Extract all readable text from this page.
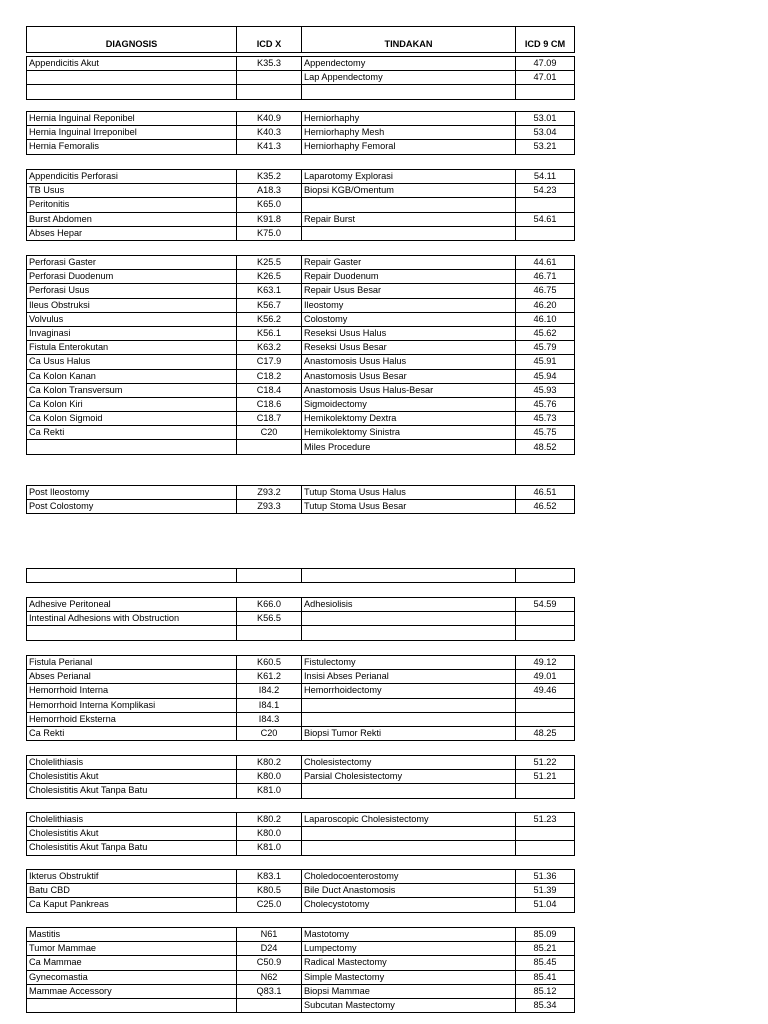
DIAGNOSIS	ICD X	TINDAKAN	ICD 9 CM
Appendicitis Akut	K35.3	Appendectomy	47.09
		Lap Appendectomy	47.01

Hernia Inguinal Reponibel	K40.9	Herniorhaphy	53.01
Hernia Inguinal Irreponibel	K40.3	Herniorhaphy Mesh	53.04
Hernia Femoralis	K41.3	Herniorhaphy Femoral	53.21
Appendicitis Perforasi	K35.2	Laparotomy Explorasi	54.11
TB Usus	A18.3	Biopsi KGB/Omentum	54.23
Peritonitis	K65.0		
Burst Abdomen	K91.8	Repair Burst	54.61
Abses Hepar	K75.0		
Perforasi Gaster	K25.5	Repair Gaster	44.61
Perforasi Duodenum	K26.5	Repair Duodenum	46.71
Perforasi Usus	K63.1	Repair Usus Besar	46.75
Ileus Obstruksi	K56.7	Ileostomy	46.20
Volvulus	K56.2	Colostomy	46.10
Invaginasi	K56.1	Reseksi Usus Halus	45.62
Fistula Enterokutan	K63.2	Reseksi Usus Besar	45.79
Ca Usus Halus	C17.9	Anastomosis Usus Halus	45.91
Ca Kolon Kanan	C18.2	Anastomosis Usus Besar	45.94
Ca Kolon Transversum	C18.4	Anastomosis Usus Halus-Besar	45.93
Ca Kolon Kiri	C18.6	Sigmoidectomy	45.76
Ca Kolon Sigmoid	C18.7	Hemikolektomy Dextra	45.73
Ca Rekti	C20	Hemikolektomy Sinistra	45.75
		Miles Procedure	48.52
Post Ileostomy	Z93.2	Tutup Stoma Usus Halus	46.51
Post Colostomy	Z93.3	Tutup Stoma Usus Besar	46.52

Adhesive Peritoneal	K66.0	Adhesiolisis	54.59
Intestinal Adhesions with Obstruction	K56.5		

Fistula Perianal	K60.5	Fistulectomy	49.12
Abses Perianal	K61.2	Insisi Abses Perianal	49.01
Hemorrhoid Interna	I84.2	Hemorrhoidectomy	49.46
Hemorrhoid Interna Komplikasi	I84.1		
Hemorrhoid Eksterna	I84.3		
Ca Rekti	C20	Biopsi Tumor Rekti	48.25
Cholelithiasis	K80.2	Cholesistectomy	51.22
Cholesistitis Akut	K80.0	Parsial Cholesistectomy	51.21
Cholesistitis Akut Tanpa Batu	K81.0		
Cholelithiasis	K80.2	Laparoscopic Cholesistectomy	51.23
Cholesistitis Akut	K80.0		
Cholesistitis Akut Tanpa Batu	K81.0		
Ikterus Obstruktif	K83.1	Choledocoenterostomy	51.36
Batu CBD	K80.5	Bile Duct Anastomosis	51.39
Ca Kaput Pankreas	C25.0	Cholecystotomy	51.04
Mastitis	N61	Mastotomy	85.09
Tumor Mammae	D24	Lumpectomy	85.21
Ca Mammae	C50.9	Radical Mastectomy	85.45
Gynecomastia	N62	Simple Mastectomy	85.41
Mammae Accessory	Q83.1	Biopsi Mammae	85.12
		Subcutan Mastectomy	85.34
